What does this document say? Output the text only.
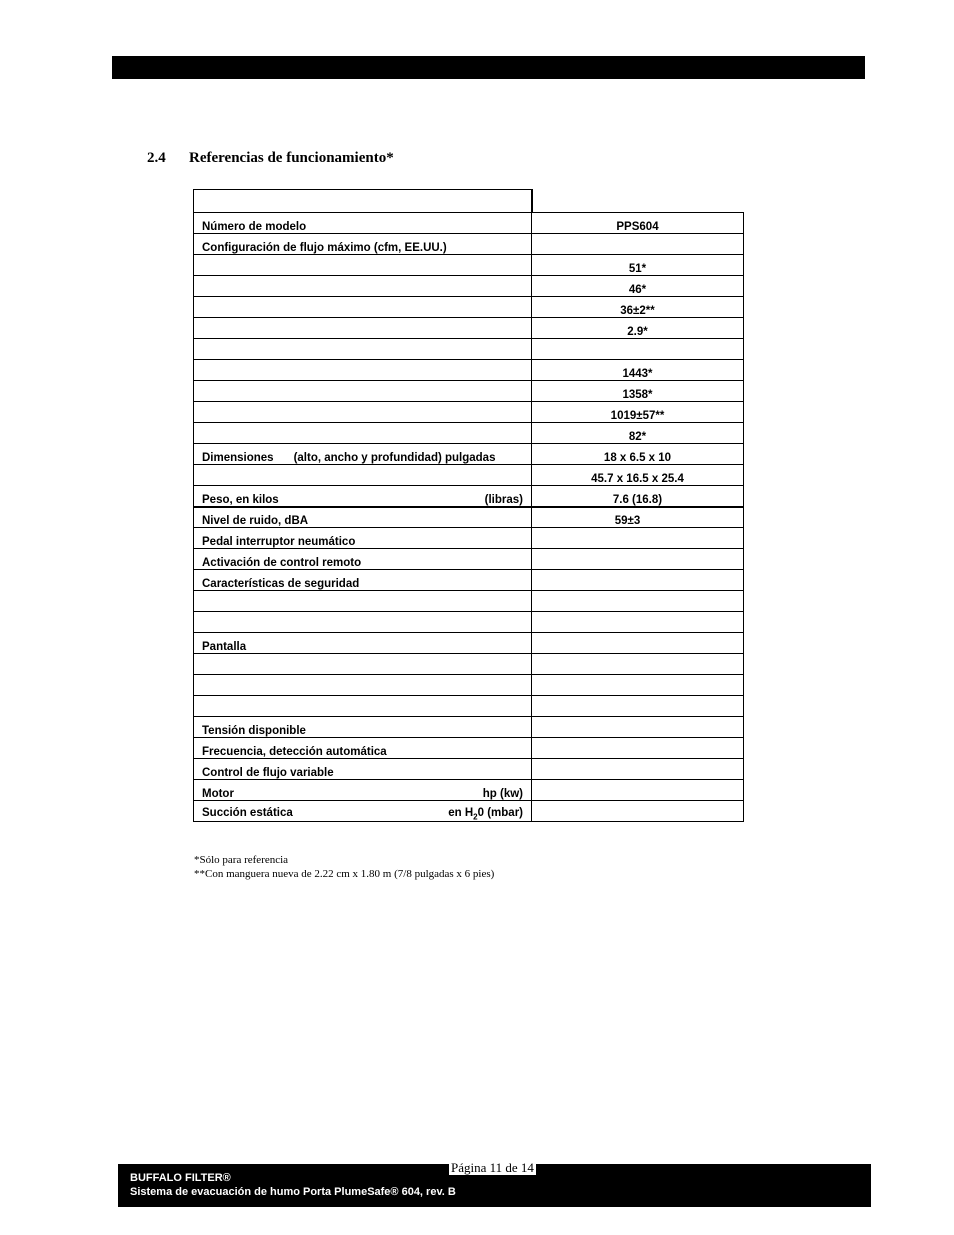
2.4 Referencias de funcionamiento*
Número de modelo	PPS604
Configuración de flujo máximo (cfm, EE.UU.)	
	51*
	46*
	36±2**
	2.9*

	1443*
	1358*
	1019±57**
	82*
Dimensiones (alto, ancho y profundidad) pulgadas	18 x 6.5 x 10
	45.7 x 16.5 x 25.4

Peso, en kilos (libras)	7.6 (16.8)
Nivel de ruido, dBA	59±3
Pedal interruptor neumático	
Activación de control remoto	
Características de seguridad	

Pantalla	

Tensión disponible	
Frecuencia, detección automática	
Control de flujo variable	

Motor hp (kw)	

Succión estática en $H_20$ (mbar)	

*Sólo para referencia
**Con manguera nueva de 2.22 cm x 1.80 m (7/8 pulgadas x 6 pies)
BUFFALO FILTER®
Sistema de evacuación de humo Porta PlumeSafe® 604, rev. B
Página 11 de 14
